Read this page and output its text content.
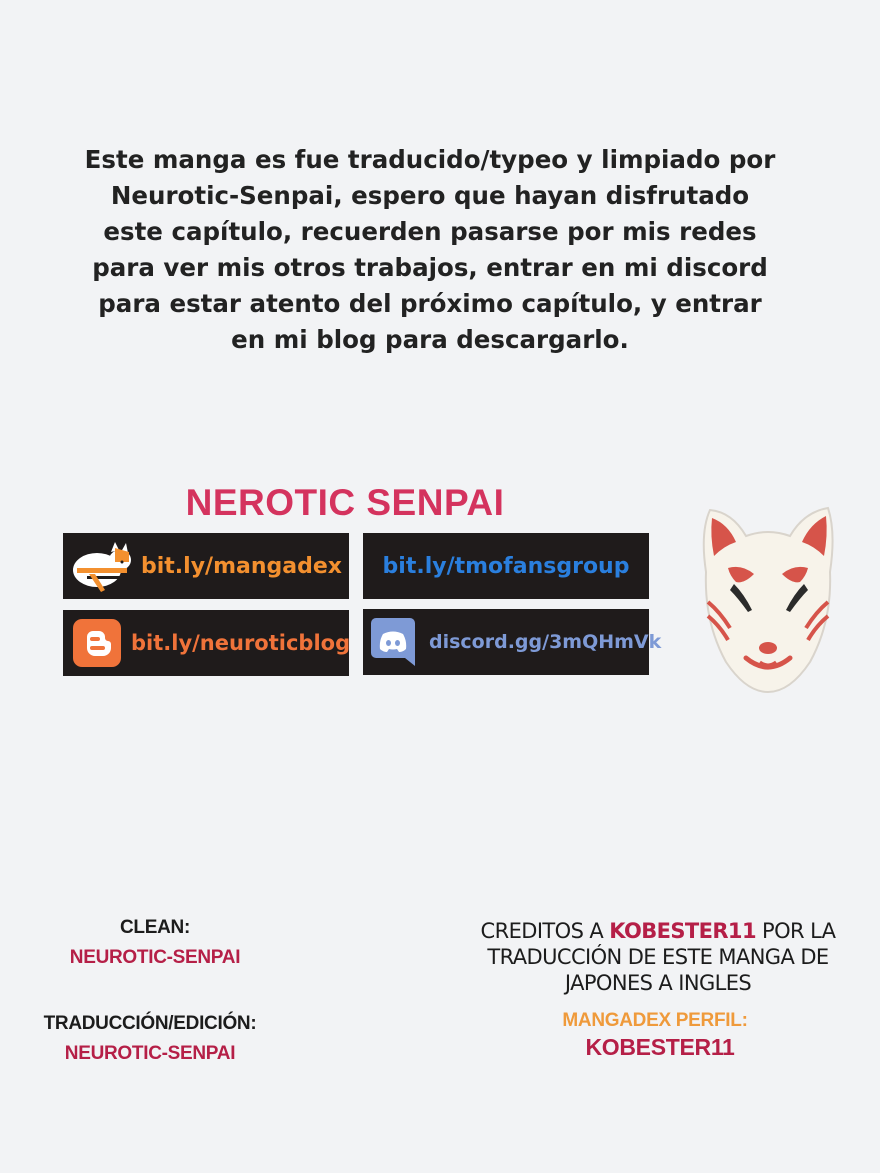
Este manga es fue traducido/typeo y limpiado por Neurotic-Senpai, espero que hayan disfrutado este capítulo, recuerden pasarse por mis redes para ver mis otros trabajos, entrar en mi discord para estar atento del próximo capítulo, y entrar en mi blog para descargarlo.
NEROTIC SENPAI
bit.ly/mangadex bit.ly/tmofansgroup
bit.ly/neuroticblog	discord.gg/3mQHmVk
CLEAN:
NEUROTIC-SENPAI
TRADUCCIÓN/EDICIÓN:
NEUROTIC-SENPAI
CREDITOS A KOBESTER11 POR LA TRADUCCIÓN DE ESTE MANGA DE JAPONES A INGLES
MANGADEX PERFIL:
KOBESTER11
